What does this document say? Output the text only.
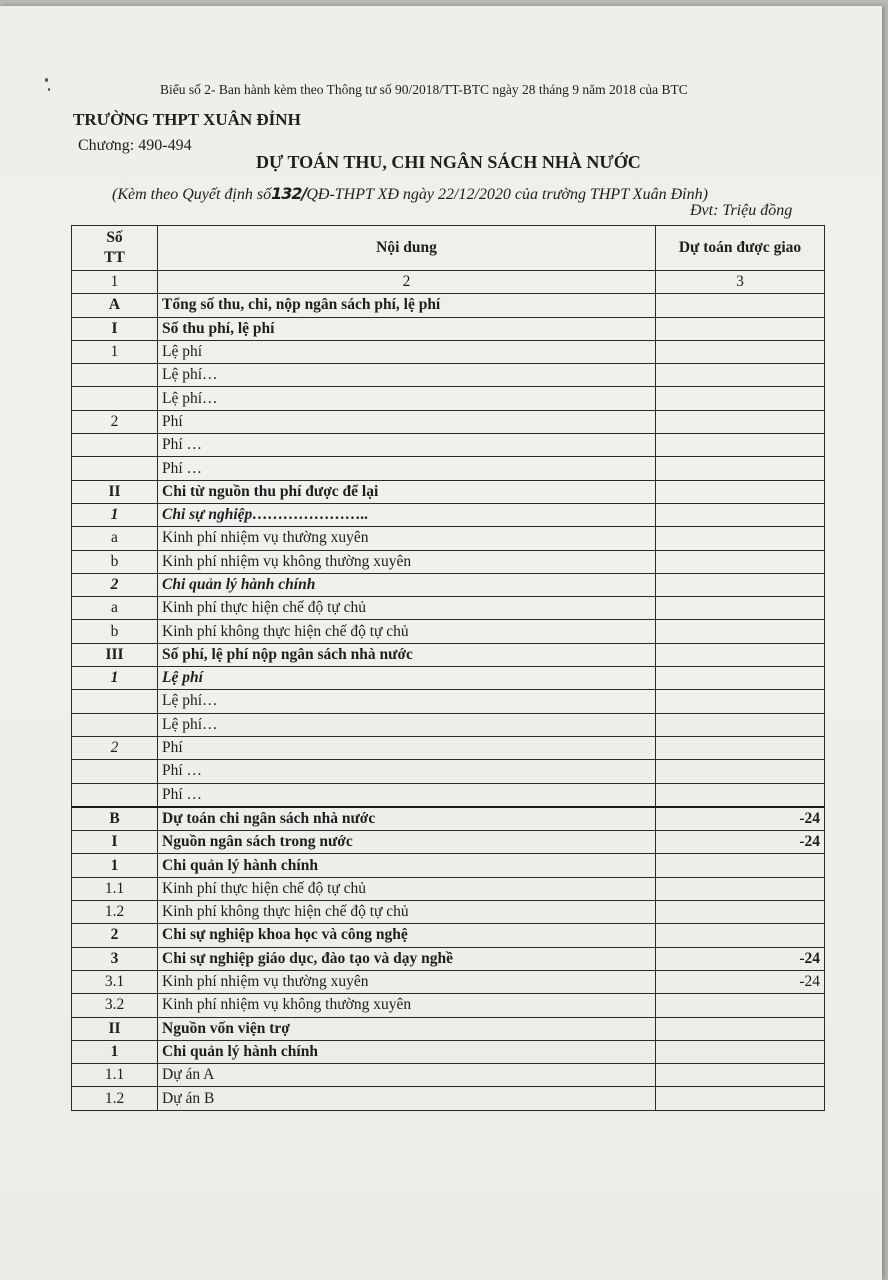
Biểu số 2- Ban hành kèm theo Thông tư số 90/2018/TT-BTC ngày 28 tháng 9 năm 2018 của BTC
TRƯỜNG THPT XUÂN ĐỈNH
Chương: 490-494
DỰ TOÁN THU, CHI NGÂN SÁCH NHÀ NƯỚC
(Kèm theo Quyết định số132/QĐ-THPT XĐ ngày 22/12/2020 của trường THPT Xuân Đỉnh)
Đvt: Triệu đồng
Số
TT	Nội dung	Dự toán được giao
1	2	3
A	Tổng số thu, chi, nộp ngân sách phí, lệ phí	
I	Số thu phí, lệ phí	
1	Lệ phí	
	Lệ phí…	
	Lệ phí…	
2	Phí	
	Phí …	
	Phí …	
II	Chi từ nguồn thu phí được để lại	
1	Chi sự nghiệp…………………..	
a	Kinh phí nhiệm vụ thường xuyên	
b	Kinh phí nhiệm vụ không thường xuyên	
2	Chi quản lý hành chính	
a	Kinh phí thực hiện chế độ tự chủ	
b	Kinh phí không thực hiện chế độ tự chủ	
III	Số phí, lệ phí nộp ngân sách nhà nước	
1	Lệ phí	
	Lệ phí…	
	Lệ phí…	
2	Phí	
	Phí …	
	Phí …	
B	Dự toán chi ngân sách nhà nước	-24
I	Nguồn ngân sách trong nước	-24
1	Chi quản lý hành chính	
1.1	Kinh phí thực hiện chế độ tự chủ	
1.2	Kinh phí không thực hiện chế độ tự chủ	
2	Chi sự nghiệp khoa học và công nghệ	
3	Chi sự nghiệp giáo dục, đào tạo và dạy nghề	-24
3.1	Kinh phí nhiệm vụ thường xuyên	-24
3.2	Kinh phí nhiệm vụ không thường xuyên	
II	Nguồn vốn viện trợ	
1	Chi quản lý hành chính	
1.1	Dự án A	
1.2	Dự án B	
